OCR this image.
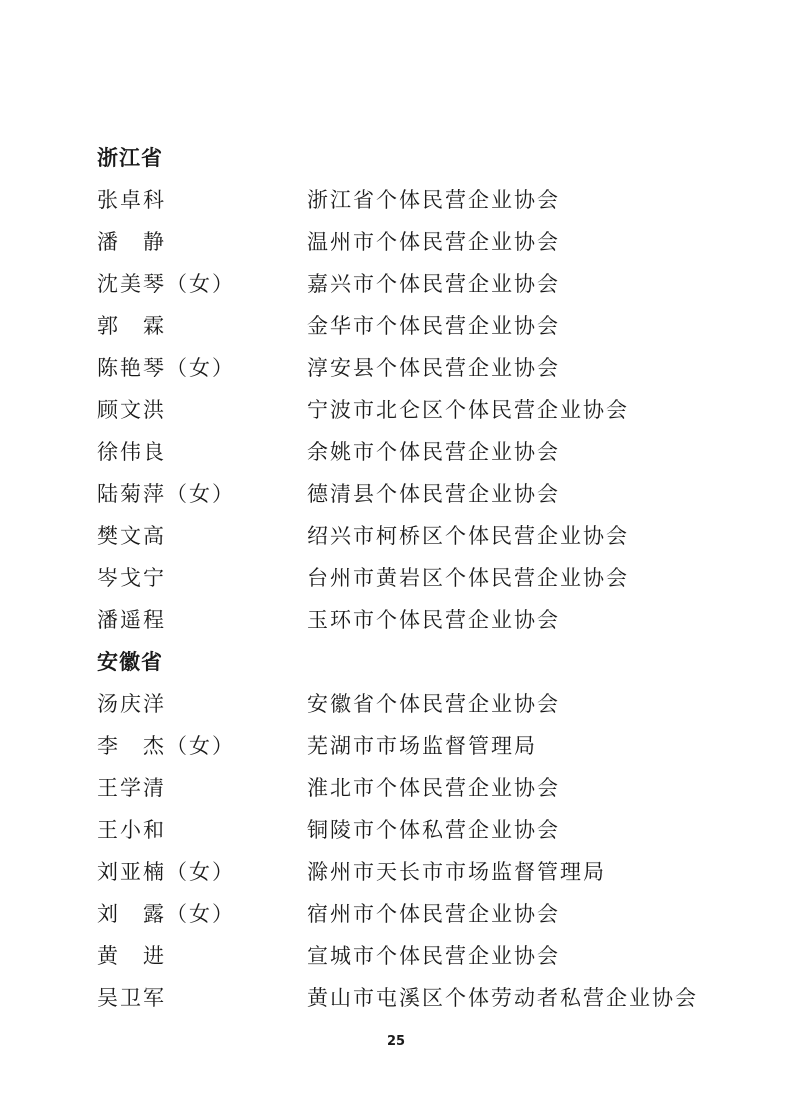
浙江省
张卓科	浙江省个体民营企业协会
潘　静	温州市个体民营企业协会
沈美琴（女）	嘉兴市个体民营企业协会
郭　霖	金华市个体民营企业协会
陈艳琴（女）	淳安县个体民营企业协会
顾文洪	宁波市北仑区个体民营企业协会
徐伟良	余姚市个体民营企业协会
陆菊萍（女）	德清县个体民营企业协会
樊文高	绍兴市柯桥区个体民营企业协会
岑戈宁	台州市黄岩区个体民营企业协会
潘遥程	玉环市个体民营企业协会
安徽省
汤庆洋	安徽省个体民营企业协会
李　杰（女）	芜湖市市场监督管理局
王学清	淮北市个体民营企业协会
王小和	铜陵市个体私营企业协会
刘亚楠（女）	滁州市天长市市场监督管理局
刘　露（女）	宿州市个体民营企业协会
黄　进	宣城市个体民营企业协会
吴卫军	黄山市屯溪区个体劳动者私营企业协会
25
